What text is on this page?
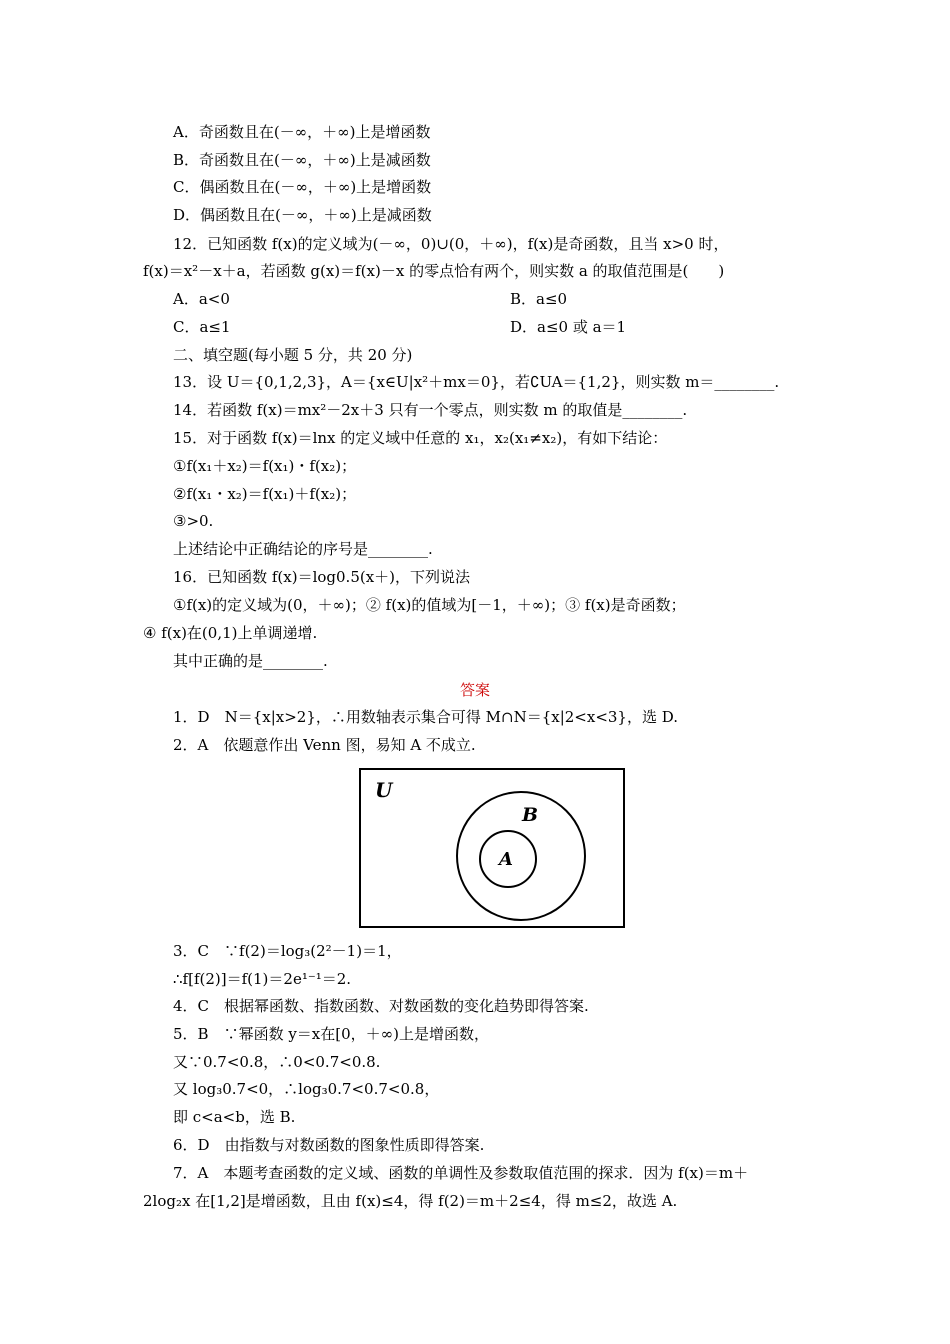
A．奇函数且在(－∞，＋∞)上是增函数
B．奇函数且在(－∞，＋∞)上是减函数
C．偶函数且在(－∞，＋∞)上是增函数
D．偶函数且在(－∞，＋∞)上是减函数
12．已知函数 f(x)的定义域为(－∞，0)∪(0，＋∞)，f(x)是奇函数，且当 x>0 时，
f(x)＝x²－x＋a，若函数 g(x)＝f(x)－x 的零点恰有两个，则实数 a 的取值范围是(　　)
A．a<0	B．a≤0
C．a≤1	D．a≤0 或 a＝1
二、填空题(每小题 5 分，共 20 分)
13．设 U＝{0,1,2,3}，A＝{x∈U|x²＋mx＝0}，若∁UA＝{1,2}，则实数 m＝________.
14．若函数 f(x)＝mx²－2x＋3 只有一个零点，则实数 m 的取值是________.
15．对于函数 f(x)＝lnx 的定义域中任意的 x₁，x₂(x₁≠x₂)，有如下结论：
①f(x₁＋x₂)＝f(x₁)・f(x₂)；
②f(x₁・x₂)＝f(x₁)＋f(x₂)；
③>0.
上述结论中正确结论的序号是________.
16．已知函数 f(x)＝log0.5(x＋)，下列说法
①f(x)的定义域为(0，＋∞)；② f(x)的值域为[－1，＋∞)；③ f(x)是奇函数；
④ f(x)在(0,1)上单调递增.
其中正确的是________.
答案
1．D　N＝{x|x>2}，∴用数轴表示集合可得 M∩N＝{x|2<x<3}，选 D.
2．A　依题意作出 Venn 图，易知 A 不成立.
U
B
A
3．C　∵f(2)＝log₃(2²－1)＝1，
∴f[f(2)]＝f(1)＝2e¹⁻¹＝2.
4．C　根据幂函数、指数函数、对数函数的变化趋势即得答案.
5．B　∵幂函数 y＝x在[0，＋∞)上是增函数，
又∵0.7<0.8，∴0<0.7<0.8.
又 log₃0.7<0，∴log₃0.7<0.7<0.8，
即 c<a<b，选 B.
6．D　由指数与对数函数的图象性质即得答案.
7．A　本题考查函数的定义域、函数的单调性及参数取值范围的探求．因为 f(x)＝m＋
2log₂x 在[1,2]是增函数，且由 f(x)≤4，得 f(2)＝m＋2≤4，得 m≤2，故选 A.
